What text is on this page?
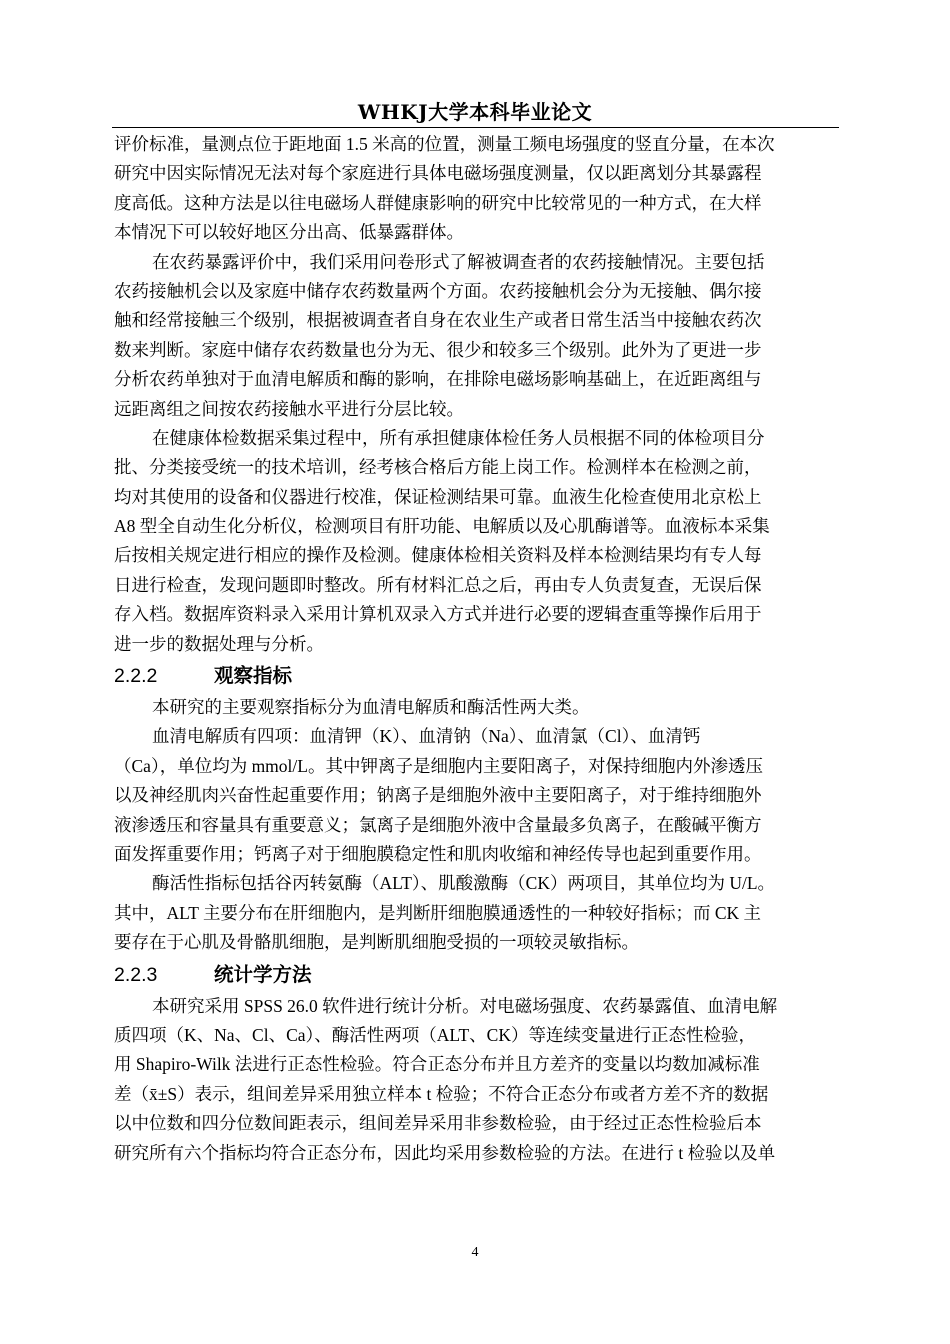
WHKJ大学本科毕业论文
评价标准，量测点位于距地面 1.5 米高的位置，测量工频电场强度的竖直分量，在本次
研究中因实际情况无法对每个家庭进行具体电磁场强度测量，仅以距离划分其暴露程
度高低。这种方法是以往电磁场人群健康影响的研究中比较常见的一种方式，在大样
本情况下可以较好地区分出高、低暴露群体。
在农药暴露评价中，我们采用问卷形式了解被调查者的农药接触情况。主要包括
农药接触机会以及家庭中储存农药数量两个方面。农药接触机会分为无接触、偶尔接
触和经常接触三个级别，根据被调查者自身在农业生产或者日常生活当中接触农药次
数来判断。家庭中储存农药数量也分为无、很少和较多三个级别。此外为了更进一步
分析农药单独对于血清电解质和酶的影响，在排除电磁场影响基础上，在近距离组与
远距离组之间按农药接触水平进行分层比较。
在健康体检数据采集过程中，所有承担健康体检任务人员根据不同的体检项目分
批、分类接受统一的技术培训，经考核合格后方能上岗工作。检测样本在检测之前，
均对其使用的设备和仪器进行校准，保证检测结果可靠。血液生化检查使用北京松上
A8 型全自动生化分析仪，检测项目有肝功能、电解质以及心肌酶谱等。血液标本采集
后按相关规定进行相应的操作及检测。健康体检相关资料及样本检测结果均有专人每
日进行检查，发现问题即时整改。所有材料汇总之后，再由专人负责复查，无误后保
存入档。数据库资料录入采用计算机双录入方式并进行必要的逻辑查重等操作后用于
进一步的数据处理与分析。
2.2.2	观察指标
本研究的主要观察指标分为血清电解质和酶活性两大类。
血清电解质有四项：血清钾（K）、血清钠（Na）、血清氯（Cl）、血清钙
（Ca），单位均为 mmol/L。其中钾离子是细胞内主要阳离子，对保持细胞内外渗透压
以及神经肌肉兴奋性起重要作用；钠离子是细胞外液中主要阳离子，对于维持细胞外
液渗透压和容量具有重要意义；氯离子是细胞外液中含量最多负离子，在酸碱平衡方
面发挥重要作用；钙离子对于细胞膜稳定性和肌肉收缩和神经传导也起到重要作用。
酶活性指标包括谷丙转氨酶（ALT）、肌酸激酶（CK）两项目，其单位均为 U/L。
其中，ALT 主要分布在肝细胞内，是判断肝细胞膜通透性的一种较好指标；而 CK 主
要存在于心肌及骨骼肌细胞，是判断肌细胞受损的一项较灵敏指标。
2.2.3	统计学方法
本研究采用 SPSS 26.0 软件进行统计分析。对电磁场强度、农药暴露值、血清电解
质四项（K、Na、Cl、Ca）、酶活性两项（ALT、CK）等连续变量进行正态性检验，
用 Shapiro-Wilk 法进行正态性检验。符合正态分布并且方差齐的变量以均数加减标准
差（x̄±S）表示，组间差异采用独立样本 t 检验；不符合正态分布或者方差不齐的数据
以中位数和四分位数间距表示，组间差异采用非参数检验，由于经过正态性检验后本
研究所有六个指标均符合正态分布，因此均采用参数检验的方法。在进行 t 检验以及单
4
